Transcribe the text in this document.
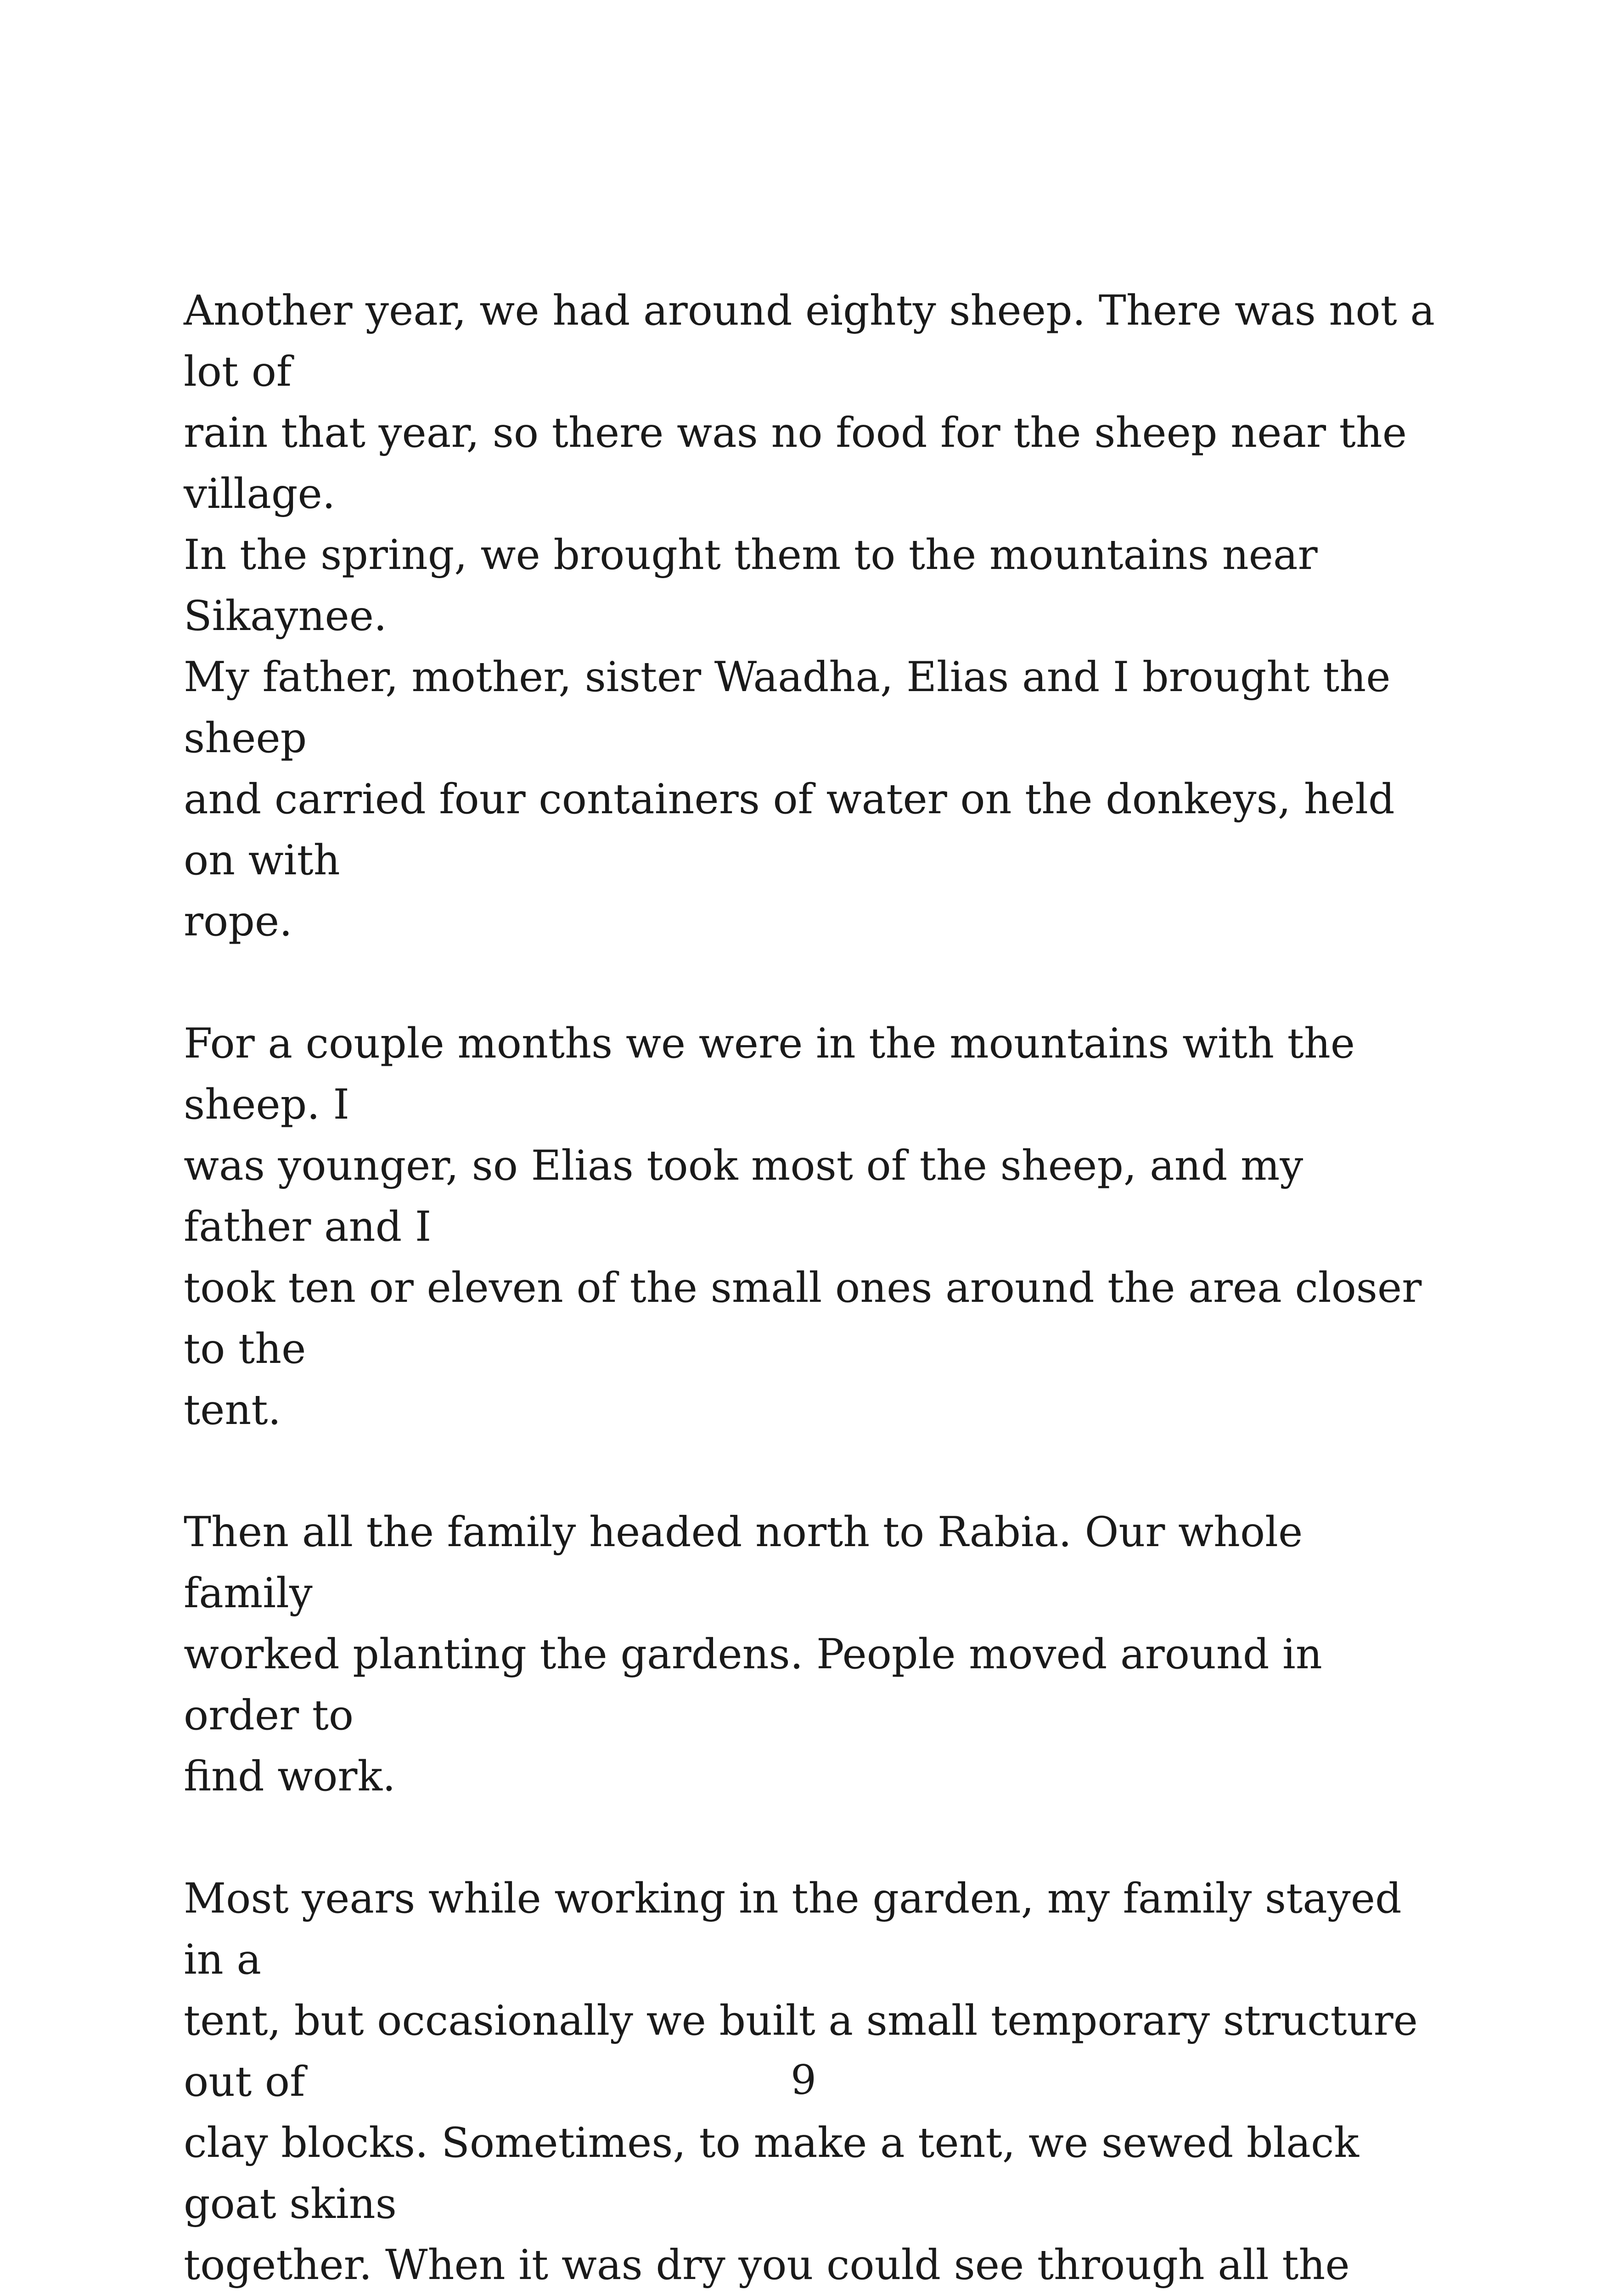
Another year, we had around eighty sheep. There was not a lot of
rain that year, so there was no food for the sheep near the village.
In the spring, we brought them to the mountains near Sikaynee.
My father, mother, sister Waadha, Elias and I brought the sheep
and carried four containers of water on the donkeys, held on with
rope.

For a couple months we were in the mountains with the sheep. I
was younger, so Elias took most of the sheep, and my father and I
took ten or eleven of the small ones around the area closer to the
tent.

Then all the family headed north to Rabia. Our whole family
worked planting the gardens. People moved around in order to
find work.

Most years while working in the garden, my family stayed in a
tent, but occasionally we built a small temporary structure out of
clay blocks. Sometimes, to make a tent, we sewed black goat skins
together. When it was dry you could see through all the

9
